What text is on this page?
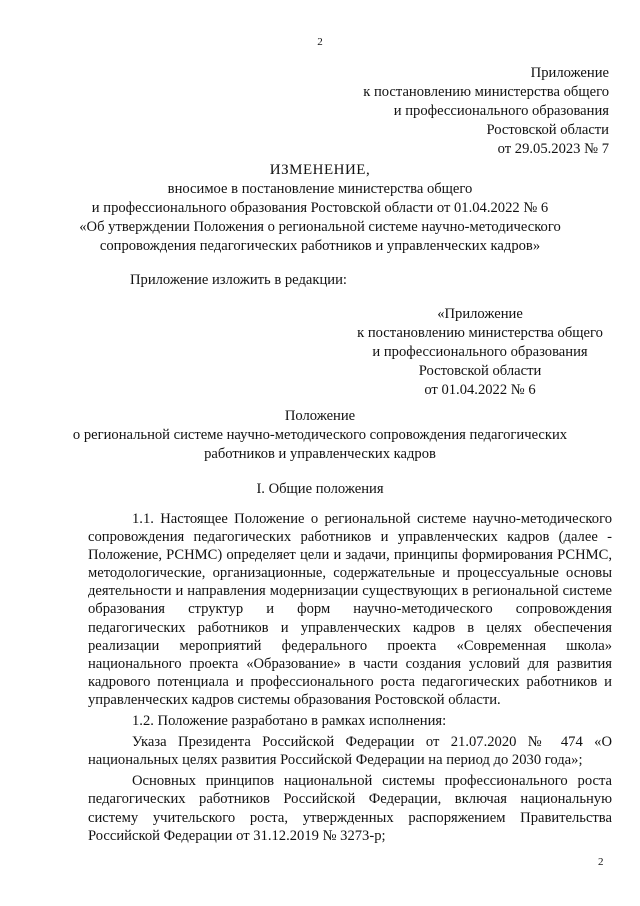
2
Приложение
к постановлению министерства общего
и профессионального образования
Ростовской области
от 29.05.2023 № 7
ИЗМЕНЕНИЕ,
вносимое в постановление министерства общего
и профессионального образования Ростовской области от 01.04.2022 № 6
«Об утверждении Положения о региональной системе научно-методического
сопровождения педагогических работников и управленческих кадров»
Приложение изложить в редакции:
«Приложение
к постановлению министерства общего
и профессионального образования
Ростовской области
от 01.04.2022 № 6
Положение
о региональной системе научно-методического сопровождения педагогических
работников и управленческих кадров
I. Общие положения

1.1. Настоящее Положение о региональной системе научно-методического сопровождения педагогических работников и управленческих кадров (далее - Положение, РСНМС) определяет цели и задачи, принципы формирования РСНМС, методологические, организационные, содержательные и процессуальные основы деятельности и направления модернизации существующих в региональной системе образования структур и форм научно-методического сопровождения педагогических работников и управленческих кадров в целях обеспечения реализации мероприятий федерального проекта «Современная школа» национального проекта «Образование» в части создания условий для развития кадрового потенциала и профессионального роста педагогических работников и управленческих кадров системы образования Ростовской области.

1.2. Положение разработано в рамках исполнения:

Указа Президента Российской Федерации от 21.07.2020 № 474 «О национальных целях развития Российской Федерации на период до 2030 года»;

Основных принципов национальной системы профессионального роста педагогических работников Российской Федерации, включая национальную систему учительского роста, утвержденных распоряжением Правительства Российской Федерации от 31.12.2019 № 3273-р;

2
